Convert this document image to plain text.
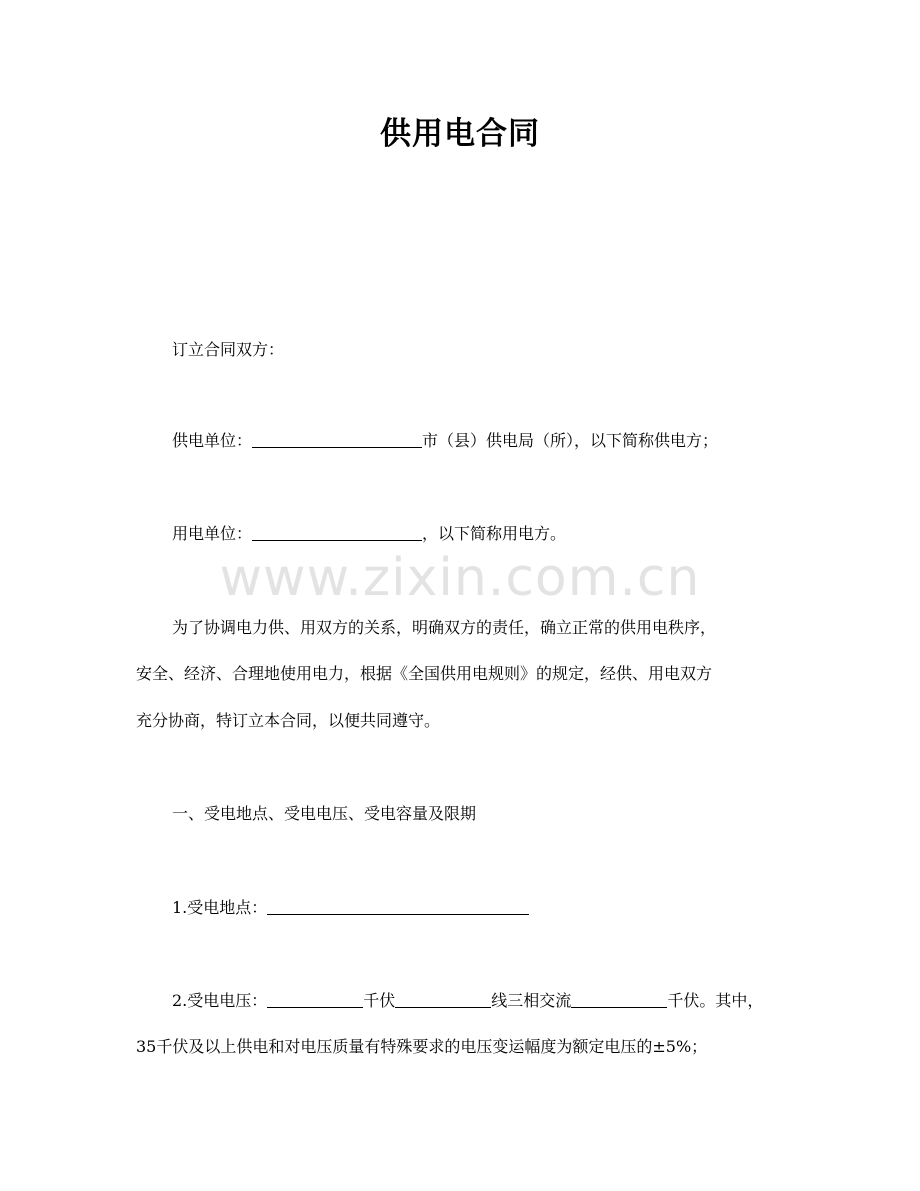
供用电合同
订立合同双方：
供电单位：	市（县）供电局（所），以下简称供电方；
用电单位：	，以下简称用电方。
www.zixin.com.cn
为了协调电力供、用双方的关系，明确双方的责任，确立正常的供用电秩序，
安全、经济、合理地使用电力，根据《全国供用电规则》的规定，经供、用电双方
充分协商，特订立本合同，以便共同遵守。
一、受电地点、受电电压、受电容量及限期
1.受电地点：
2.受电电压：	千伏	线三相交流	千伏。其中，
35千伏及以上供电和对电压质量有特殊要求的电压变运幅度为额定电压的±5%；
